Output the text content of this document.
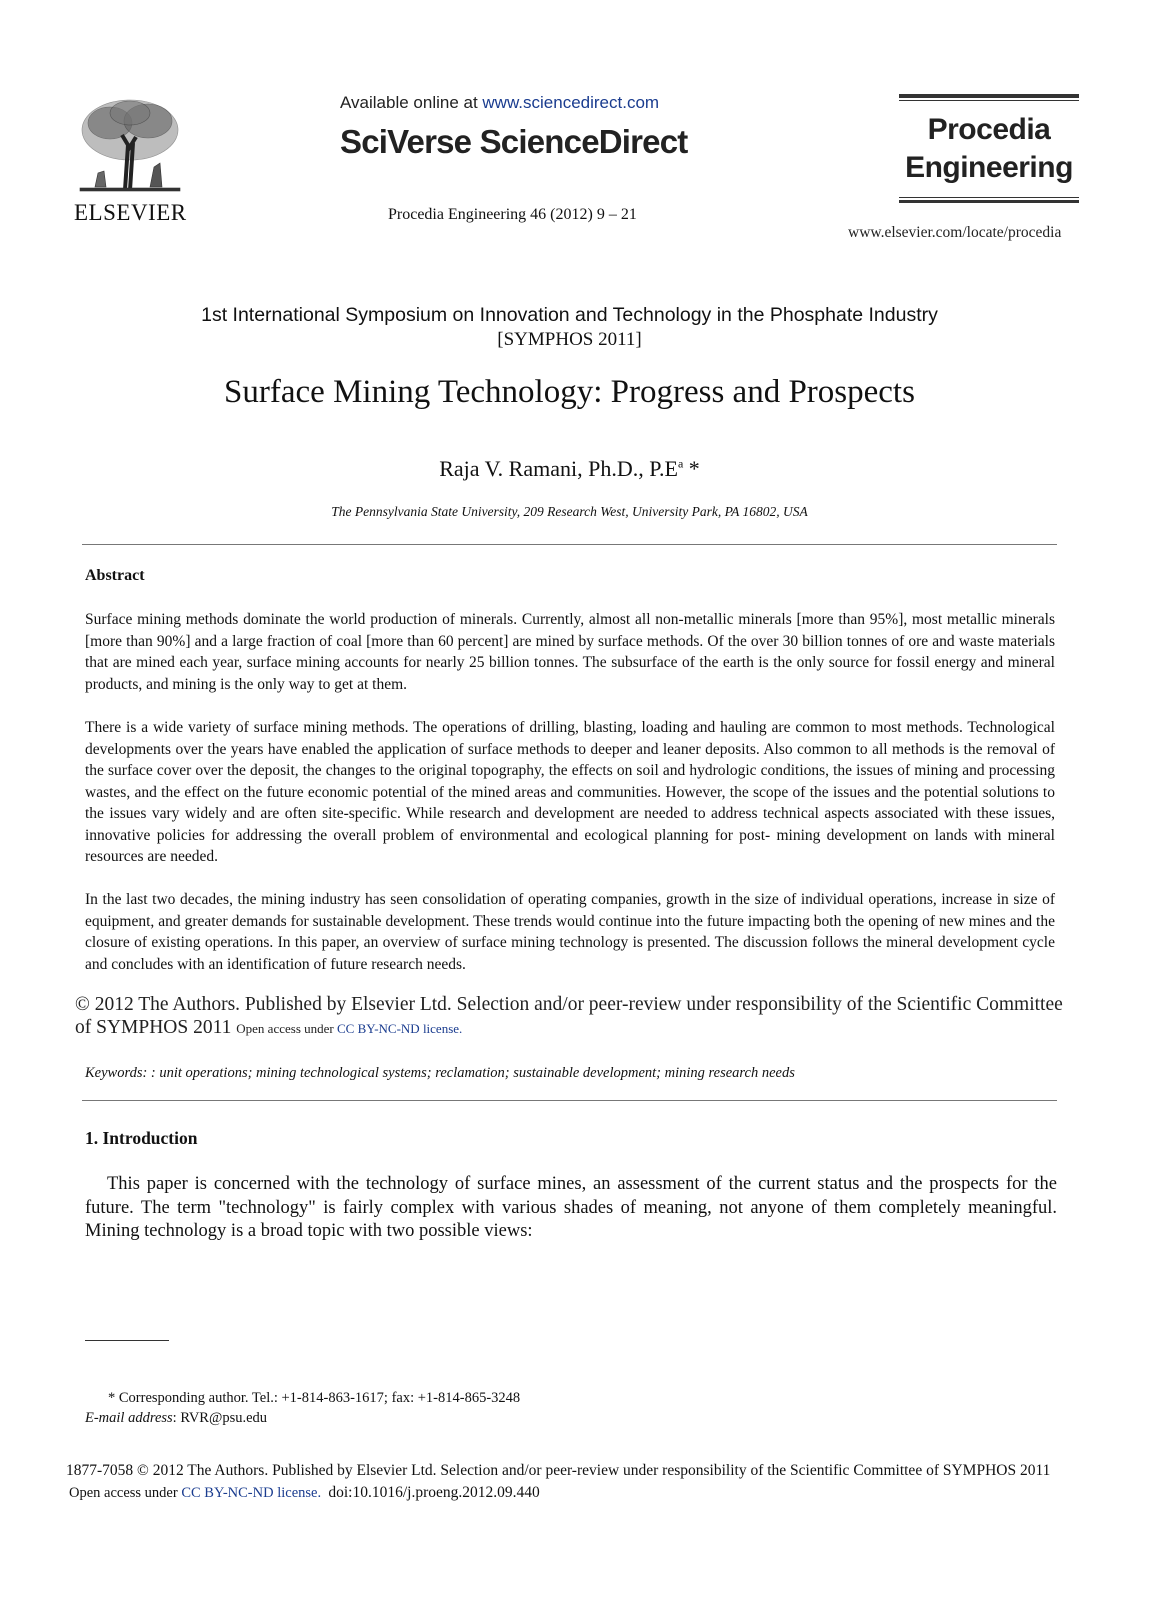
ELSEVIER
Available online at www.sciencedirect.com
SciVerse ScienceDirect
Procedia Engineering 46 (2012) 9 – 21
Procedia
Engineering
www.elsevier.com/locate/procedia
1st International Symposium on Innovation and Technology in the Phosphate Industry
[SYMPHOS 2011]
Surface Mining Technology: Progress and Prospects
Raja V. Ramani, Ph.D., $P.E^a$ *
The Pennsylvania State University, 209 Research West, University Park, PA 16802, USA
Abstract
Surface mining methods dominate the world production of minerals. Currently, almost all non-metallic minerals [more than 95%], most metallic minerals [more than 90%] and a large fraction of coal [more than 60 percent] are mined by surface methods. Of the over 30 billion tonnes of ore and waste materials that are mined each year, surface mining accounts for nearly 25 billion tonnes. The subsurface of the earth is the only source for fossil energy and mineral products, and mining is the only way to get at them.
There is a wide variety of surface mining methods. The operations of drilling, blasting, loading and hauling are common to most methods. Technological developments over the years have enabled the application of surface methods to deeper and leaner deposits. Also common to all methods is the removal of the surface cover over the deposit, the changes to the original topography, the effects on soil and hydrologic conditions, the issues of mining and processing wastes, and the effect on the future economic potential of the mined areas and communities. However, the scope of the issues and the potential solutions to the issues vary widely and are often site-specific. While research and development are needed to address technical aspects associated with these issues, innovative policies for addressing the overall problem of environmental and ecological planning for post- mining development on lands with mineral resources are needed.
In the last two decades, the mining industry has seen consolidation of operating companies, growth in the size of individual operations, increase in size of equipment, and greater demands for sustainable development. These trends would continue into the future impacting both the opening of new mines and the closure of existing operations. In this paper, an overview of surface mining technology is presented. The discussion follows the mineral development cycle and concludes with an identification of future research needs.
© 2012 The Authors. Published by Elsevier Ltd. Selection and/or peer-review under responsibility of the Scientific Committee of SYMPHOS 2011 Open access under CC BY-NC-ND license.
Keywords: : unit operations; mining technological systems; reclamation; sustainable development; mining research needs
1. Introduction
This paper is concerned with the technology of surface mines, an assessment of the current status and the prospects for the future. The term "technology" is fairly complex with various shades of meaning, not anyone of them completely meaningful. Mining technology is a broad topic with two possible views:
* Corresponding author. Tel.: +1-814-863-1617; fax: +1-814-865-3248
E-mail address: RVR@psu.edu
1877-7058 © 2012 The Authors. Published by Elsevier Ltd. Selection and/or peer-review under responsibility of the Scientific Committee of SYMPHOS 2011
Open access under CC BY-NC-ND license. doi:10.1016/j.proeng.2012.09.440
